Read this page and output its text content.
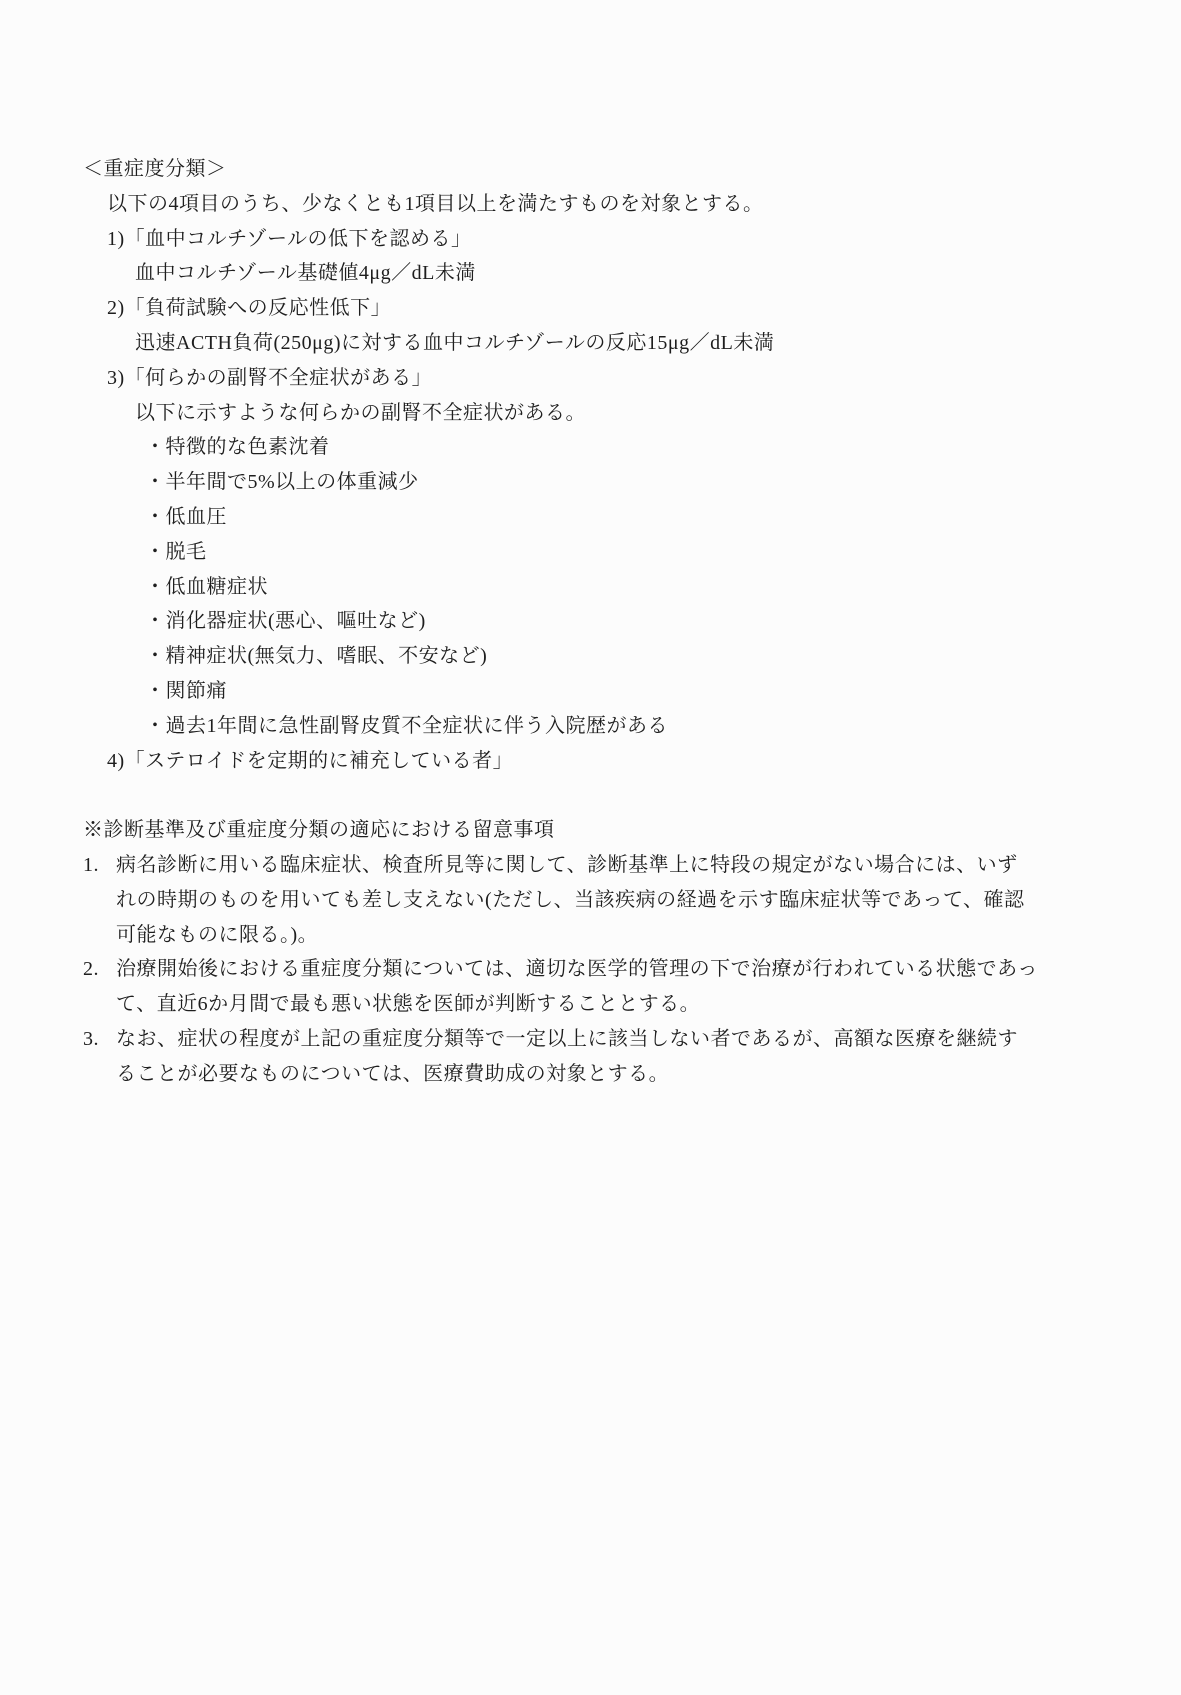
＜重症度分類＞
以下の4項目のうち、少なくとも1項目以上を満たすものを対象とする。
1)「血中コルチゾールの低下を認める」
血中コルチゾール基礎値4μg／dL未満
2)「負荷試験への反応性低下」
迅速ACTH負荷(250μg)に対する血中コルチゾールの反応15μg／dL未満
3)「何らかの副腎不全症状がある」
以下に示すような何らかの副腎不全症状がある。
・特徴的な色素沈着
・半年間で5%以上の体重減少
・低血圧
・脱毛
・低血糖症状
・消化器症状(悪心、嘔吐など)
・精神症状(無気力、嗜眠、不安など)
・関節痛
・過去1年間に急性副腎皮質不全症状に伴う入院歴がある
4)「ステロイドを定期的に補充している者」
※診断基準及び重症度分類の適応における留意事項
1. 病名診断に用いる臨床症状、検査所見等に関して、診断基準上に特段の規定がない場合には、いず
れの時期のものを用いても差し支えない(ただし、当該疾病の経過を示す臨床症状等であって、確認
可能なものに限る。)。
2. 治療開始後における重症度分類については、適切な医学的管理の下で治療が行われている状態であっ
て、直近6か月間で最も悪い状態を医師が判断することとする。
3. なお、症状の程度が上記の重症度分類等で一定以上に該当しない者であるが、高額な医療を継続す
ることが必要なものについては、医療費助成の対象とする。
